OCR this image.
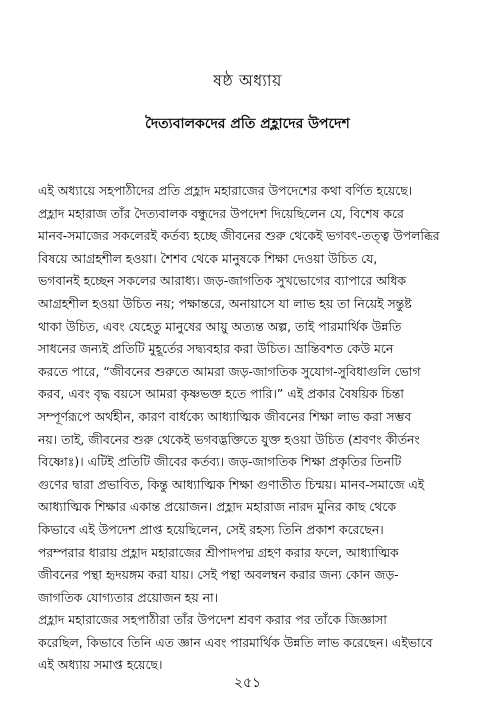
ষষ্ঠ অধ্যায়
দৈত্যবালকদের প্রতি প্রহ্লাদের উপদেশ
এই অধ্যায়ে সহপাঠীদের প্রতি প্রহ্লাদ মহারাজের উপদেশের কথা বর্ণিত হয়েছে।
প্রহ্লাদ মহারাজ তাঁর দৈত্যবালক বন্ধুদের উপদেশ দিয়েছিলেন যে, বিশেষ করে
মানব-সমাজের সকলেরই কর্তব্য হচ্ছে জীবনের শুরু থেকেই ভগবৎ-তত্ত্ব উপলব্ধির
বিষয়ে আগ্রহশীল হওয়া। শৈশব থেকে মানুষকে শিক্ষা দেওয়া উচিত যে,
ভগবানই হচ্ছেন সকলের আরাধ্য। জড়-জাগতিক সুখভোগের ব্যাপারে অধিক
আগ্রহশীল হওয়া উচিত নয়; পক্ষান্তরে, অনায়াসে যা লাভ হয় তা নিয়েই সন্তুষ্ট
থাকা উচিত, এবং যেহেতু মানুষের আয়ু অত্যন্ত অল্প, তাই পারমার্থিক উন্নতি
সাধনের জন্যই প্রতিটি মুহূর্তের সদ্ব্যবহার করা উচিত। ভ্রান্তিবশত কেউ মনে
করতে পারে, “জীবনের শুরুতে আমরা জড়-জাগতিক সুযোগ-সুবিধাগুলি ভোগ
করব, এবং বৃদ্ধ বয়সে আমরা কৃষ্ণভক্ত হতে পারি।” এই প্রকার বৈষয়িক চিন্তা
সম্পূর্ণরূপে অর্থহীন, কারণ বার্ধক্যে আধ্যাত্মিক জীবনের শিক্ষা লাভ করা সম্ভব
নয়। তাই, জীবনের শুরু থেকেই ভগবদ্ভক্তিতে যুক্ত হওয়া উচিত (শ্রবণং কীর্তনং
বিষ্ণোঃ)। এটিই প্রতিটি জীবের কর্তব্য। জড়-জাগতিক শিক্ষা প্রকৃতির তিনটি
গুণের দ্বারা প্রভাবিত, কিন্তু আধ্যাত্মিক শিক্ষা গুণাতীত চিন্ময়। মানব-সমাজে এই
আধ্যাত্মিক শিক্ষার একান্ত প্রয়োজন। প্রহ্লাদ মহারাজ নারদ মুনির কাছ থেকে
কিভাবে এই উপদেশ প্রাপ্ত হয়েছিলেন, সেই রহস্য তিনি প্রকাশ করেছেন।
পরম্পরার ধারায় প্রহ্লাদ মহারাজের শ্রীপাদপদ্ম গ্রহণ করার ফলে, আধ্যাত্মিক
জীবনের পন্থা হৃদয়ঙ্গম করা যায়। সেই পন্থা অবলম্বন করার জন্য কোন জড়-
জাগতিক যোগ্যতার প্রয়োজন হয় না।
প্রহ্লাদ মহারাজের সহপাঠীরা তাঁর উপদেশ শ্রবণ করার পর তাঁকে জিজ্ঞাসা
করেছিল, কিভাবে তিনি এত জ্ঞান এবং পারমার্থিক উন্নতি লাভ করেছেন। এইভাবে
এই অধ্যায় সমাপ্ত হয়েছে।
২৫১
